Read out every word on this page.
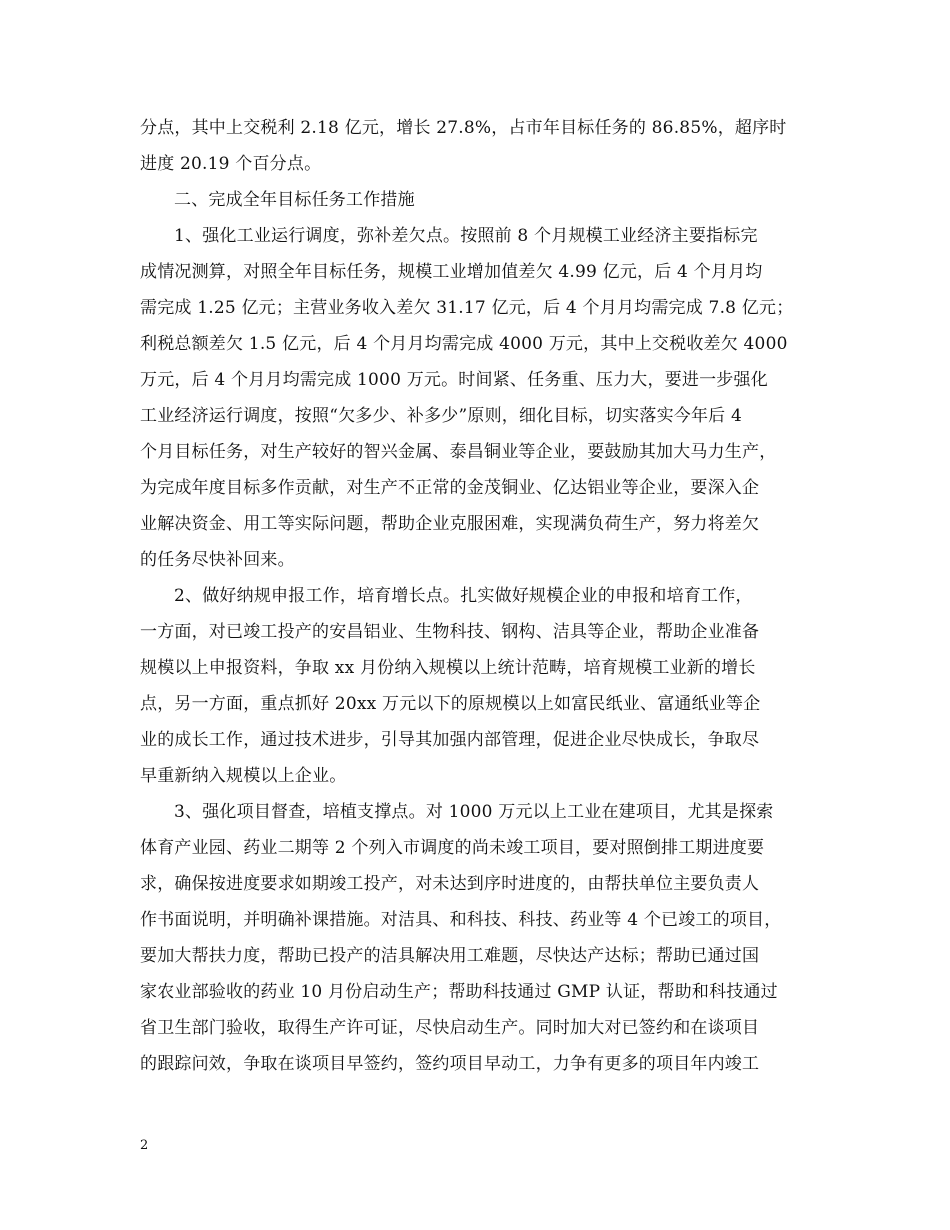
分点，其中上交税利 2.18 亿元，增长 27.8%，占市年目标任务的 86.85%，超序时
进度 20.19 个百分点。
二、完成全年目标任务工作措施
1、强化工业运行调度，弥补差欠点。按照前 8 个月规模工业经济主要指标完
成情况测算，对照全年目标任务，规模工业增加值差欠 4.99 亿元，后 4 个月月均
需完成 1.25 亿元；主营业务收入差欠 31.17 亿元，后 4 个月月均需完成 7.8 亿元；
利税总额差欠 1.5 亿元，后 4 个月月均需完成 4000 万元，其中上交税收差欠 4000
万元，后 4 个月月均需完成 1000 万元。时间紧、任务重、压力大，要进一步强化
工业经济运行调度，按照“欠多少、补多少”原则，细化目标，切实落实今年后 4
个月目标任务，对生产较好的智兴金属、泰昌铜业等企业，要鼓励其加大马力生产，
为完成年度目标多作贡献，对生产不正常的金茂铜业、亿达铝业等企业，要深入企
业解决资金、用工等实际问题，帮助企业克服困难，实现满负荷生产，努力将差欠
的任务尽快补回来。
2、做好纳规申报工作，培育增长点。扎实做好规模企业的申报和培育工作，
一方面，对已竣工投产的安昌铝业、生物科技、钢构、洁具等企业，帮助企业准备
规模以上申报资料，争取 xx 月份纳入规模以上统计范畴，培育规模工业新的增长
点，另一方面，重点抓好 20xx 万元以下的原规模以上如富民纸业、富通纸业等企
业的成长工作，通过技术进步，引导其加强内部管理，促进企业尽快成长，争取尽
早重新纳入规模以上企业。
3、强化项目督查，培植支撑点。对 1000 万元以上工业在建项目，尤其是探索
体育产业园、药业二期等 2 个列入市调度的尚未竣工项目，要对照倒排工期进度要
求，确保按进度要求如期竣工投产，对未达到序时进度的，由帮扶单位主要负责人
作书面说明，并明确补课措施。对洁具、和科技、科技、药业等 4 个已竣工的项目，
要加大帮扶力度，帮助已投产的洁具解决用工难题，尽快达产达标；帮助已通过国
家农业部验收的药业 10 月份启动生产；帮助科技通过 GMP 认证，帮助和科技通过
省卫生部门验收，取得生产许可证，尽快启动生产。同时加大对已签约和在谈项目
的跟踪问效，争取在谈项目早签约，签约项目早动工，力争有更多的项目年内竣工
2
